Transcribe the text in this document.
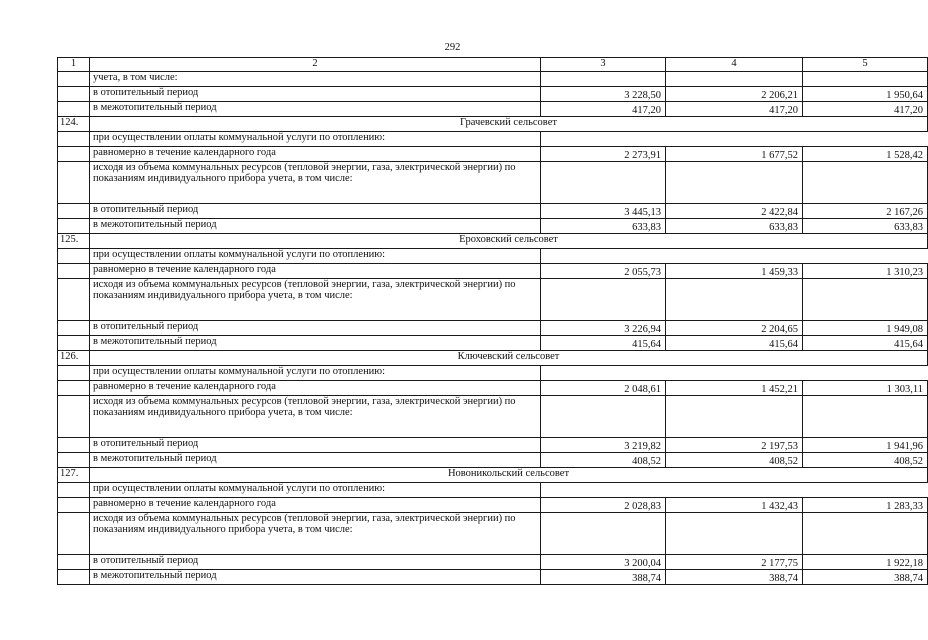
292
1	2	3	4	5
	учета, в том числе:			
	в отопительный период	3 228,50	2 206,21	1 950,64
	в межотопительный период	417,20	417,20	417,20
124.	Грачевский сельсовет			
	при осуществлении оплаты коммунальной услуги по отоплению:			
	равномерно в течение календарного года	2 273,91	1 677,52	1 528,42
	исходя из объема коммунальных ресурсов (тепловой энергии, газа, электрической энергии) по показаниям индивидуального прибора учета, в том числе:			
	в отопительный период	3 445,13	2 422,84	2 167,26
	в межотопительный период	633,83	633,83	633,83
125.	Ероховский сельсовет			
	при осуществлении оплаты коммунальной услуги по отоплению:			
	равномерно в течение календарного года	2 055,73	1 459,33	1 310,23
	исходя из объема коммунальных ресурсов (тепловой энергии, газа, электрической энергии) по показаниям индивидуального прибора учета, в том числе:			
	в отопительный период	3 226,94	2 204,65	1 949,08
	в межотопительный период	415,64	415,64	415,64
126.	Ключевский сельсовет			
	при осуществлении оплаты коммунальной услуги по отоплению:			
	равномерно в течение календарного года	2 048,61	1 452,21	1 303,11
	исходя из объема коммунальных ресурсов (тепловой энергии, газа, электрической энергии) по показаниям индивидуального прибора учета, в том числе:			
	в отопительный период	3 219,82	2 197,53	1 941,96
	в межотопительный период	408,52	408,52	408,52
127.	Новоникольский сельсовет			
	при осуществлении оплаты коммунальной услуги по отоплению:			
	равномерно в течение календарного года	2 028,83	1 432,43	1 283,33
	исходя из объема коммунальных ресурсов (тепловой энергии, газа, электрической энергии) по показаниям индивидуального прибора учета, в том числе:			
	в отопительный период	3 200,04	2 177,75	1 922,18
	в межотопительный период	388,74	388,74	388,74
